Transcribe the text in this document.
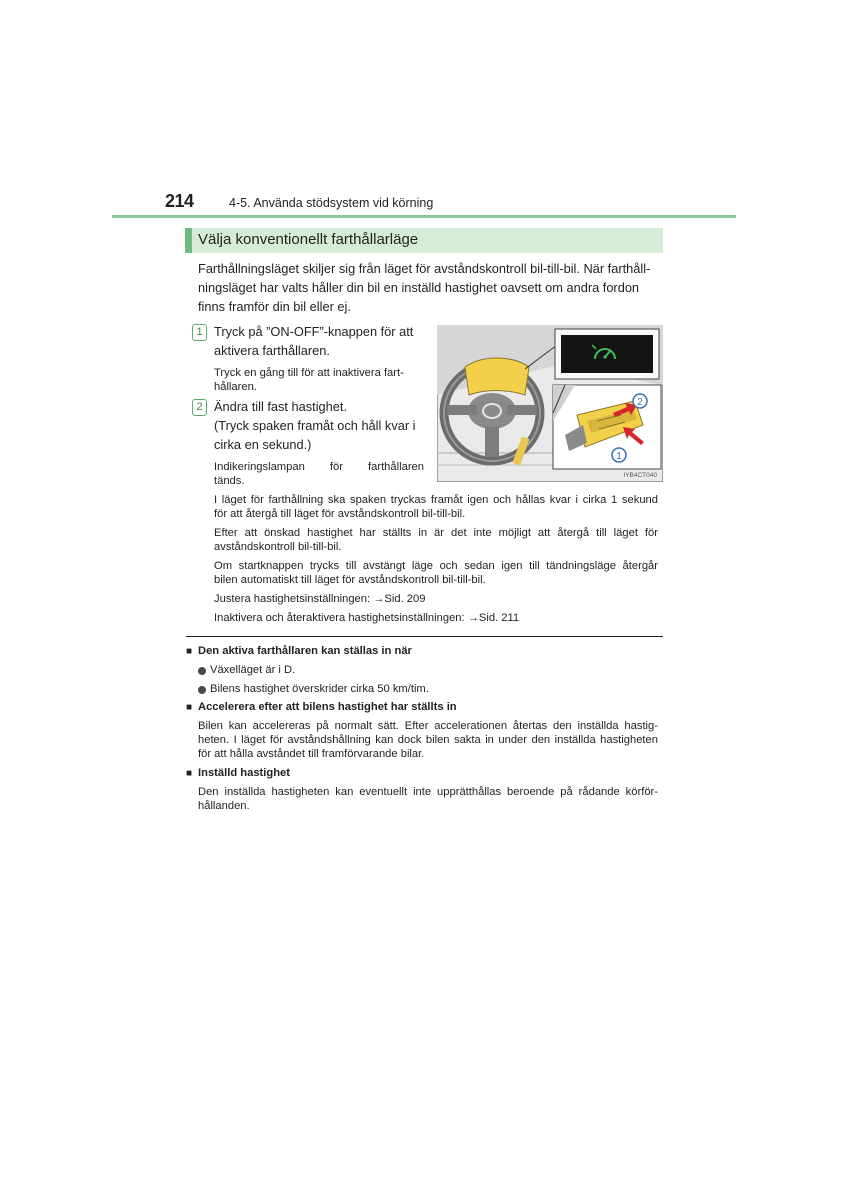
214	4-5. Använda stödsystem vid körning
Välja konventionellt farthållarläge
Farthållningsläget skiljer sig från läget för avståndskontroll bil-till-bil. När farthåll-
ningsläget har valts håller din bil en inställd hastighet oavsett om andra fordon
finns framför din bil eller ej.
1 Tryck på ”ON-OFF”-knappen för att
aktivera farthållaren.
Tryck en gång till för att inaktivera fart-
hållaren.
2 Ändra till fast hastighet.
(Tryck spaken framåt och håll kvar i
cirka en sekund.)
Indikeringslampan för farthållaren
tänds.
2
1
IYB4CT040
I läget för farthållning ska spaken tryckas framåt igen och hållas kvar i cirka 1 sekund
för att återgå till läget för avståndskontroll bil-till-bil.
Efter att önskad hastighet har ställts in är det inte möjligt att återgå till läget för
avståndskontroll bil-till-bil.
Om startknappen trycks till avstängt läge och sedan igen till tändningsläge återgår
bilen automatiskt till läget för avståndskontroll bil-till-bil.
Justera hastighetsinställningen: →Sid. 209
Inaktivera och återaktivera hastighetsinställningen: →Sid. 211
■ Den aktiva farthållaren kan ställas in när
Växelläget är i D.
Bilens hastighet överskrider cirka 50 km/tim.
■ Accelerera efter att bilens hastighet har ställts in
Bilen kan accelereras på normalt sätt. Efter accelerationen återtas den inställda hastig-
heten. I läget för avståndshållning kan dock bilen sakta in under den inställda hastigheten
för att hålla avståndet till framförvarande bilar.
■ Inställd hastighet
Den inställda hastigheten kan eventuellt inte upprätthållas beroende på rådande körför-
hållanden.
